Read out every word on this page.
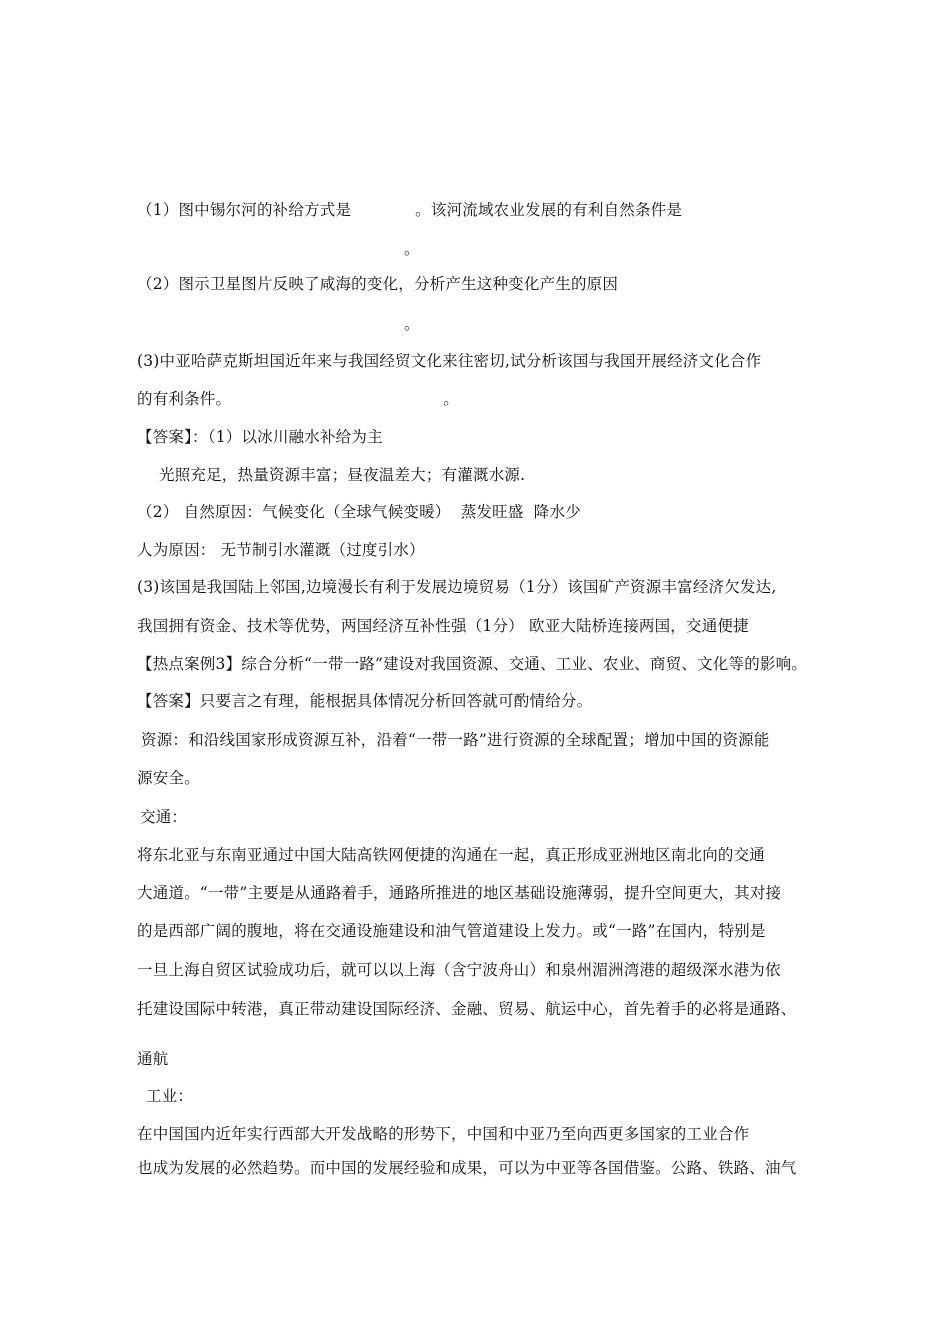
（1）图中锡尔河的补给方式是	。该河流域农业发展的有利自然条件是
。
（2）图示卫星图片反映了咸海的变化，分析产生这种变化产生的原因
。
(3)中亚哈萨克斯坦国近年来与我国经贸文化来往密切,试分析该国与我国开展经济文化合作
的有利条件。	。
【答案】：（1）以冰川融水补给为主
光照充足，热量资源丰富；昼夜温差大；有灌溉水源.
（2） 自然原因：气候变化（全球气候变暖）  蒸发旺盛  降水少
人为原因： 无节制引水灌溉（过度引水）
(3)该国是我国陆上邻国,边境漫长有利于发展边境贸易（1分）该国矿产资源丰富经济欠发达,
我国拥有资金、技术等优势，两国经济互补性强（1分） 欧亚大陆桥连接两国，交通便捷
【热点案例3】综合分析“一带一路”建设对我国资源、交通、工业、农业、商贸、文化等的影响。
【答案】只要言之有理，能根据具体情况分析回答就可酌情给分。
资源：和沿线国家形成资源互补，沿着“一带一路”进行资源的全球配置；增加中国的资源能
源安全。
交通：
将东北亚与东南亚通过中国大陆高铁网便捷的沟通在一起，真正形成亚洲地区南北向的交通
大通道。“一带”主要是从通路着手，通路所推进的地区基础设施薄弱，提升空间更大，其对接
的是西部广阔的腹地，将在交通设施建设和油气管道建设上发力。或“一路”在国内，特别是
一旦上海自贸区试验成功后，就可以以上海（含宁波舟山）和泉州湄洲湾港的超级深水港为依
托建设国际中转港，真正带动建设国际经济、金融、贸易、航运中心，首先着手的必将是通路、
通航
工业：
在中国国内近年实行西部大开发战略的形势下，中国和中亚乃至向西更多国家的工业合作
也成为发展的必然趋势。而中国的发展经验和成果，可以为中亚等各国借鉴。公路、铁路、油气
